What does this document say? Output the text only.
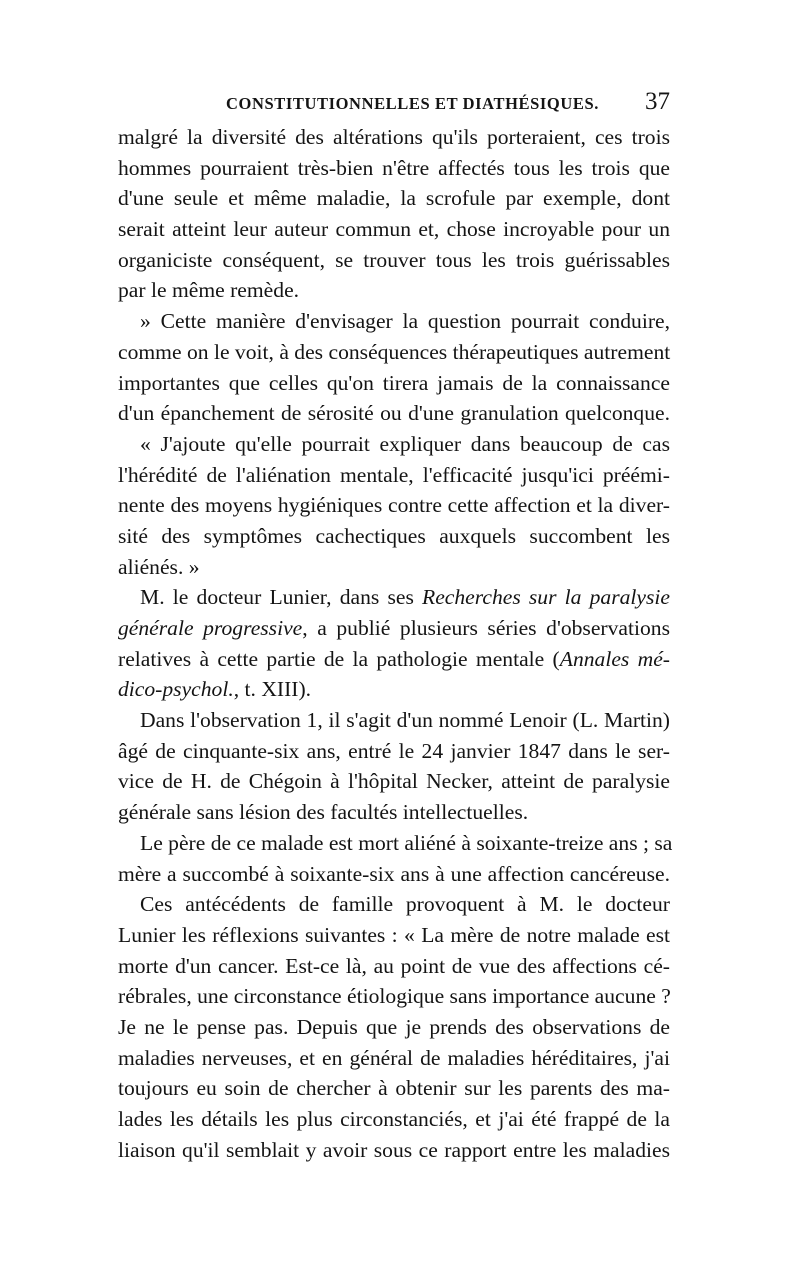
CONSTITUTIONNELLES ET DIATHÉSIQUES. 37
malgré la diversité des altérations qu'ils porteraient, ces trois
hommes pourraient très-bien n'être affectés tous les trois que
d'une seule et même maladie, la scrofule par exemple, dont
serait atteint leur auteur commun et, chose incroyable pour un
organiciste conséquent, se trouver tous les trois guérissables
par le même remède.
» Cette manière d'envisager la question pourrait conduire,
comme on le voit, à des conséquences thérapeutiques autrement
importantes que celles qu'on tirera jamais de la connaissance
d'un épanchement de sérosité ou d'une granulation quelconque.
« J'ajoute qu'elle pourrait expliquer dans beaucoup de cas
l'hérédité de l'aliénation mentale, l'efficacité jusqu'ici préémi-
nente des moyens hygiéniques contre cette affection et la diver-
sité des symptômes cachectiques auxquels succombent les
aliénés. »
M. le docteur Lunier, dans ses Recherches sur la paralysie
générale progressive, a publié plusieurs séries d'observations
relatives à cette partie de la pathologie mentale (Annales mé-
dico-psychol., t. XIII).
Dans l'observation 1, il s'agit d'un nommé Lenoir (L. Martin)
âgé de cinquante-six ans, entré le 24 janvier 1847 dans le ser-
vice de H. de Chégoin à l'hôpital Necker, atteint de paralysie
générale sans lésion des facultés intellectuelles.
Le père de ce malade est mort aliéné à soixante-treize ans ; sa
mère a succombé à soixante-six ans à une affection cancéreuse.
Ces antécédents de famille provoquent à M. le docteur
Lunier les réflexions suivantes : « La mère de notre malade est
morte d'un cancer. Est-ce là, au point de vue des affections cé-
rébrales, une circonstance étiologique sans importance aucune ?
Je ne le pense pas. Depuis que je prends des observations de
maladies nerveuses, et en général de maladies héréditaires, j'ai
toujours eu soin de chercher à obtenir sur les parents des ma-
lades les détails les plus circonstanciés, et j'ai été frappé de la
liaison qu'il semblait y avoir sous ce rapport entre les maladies
